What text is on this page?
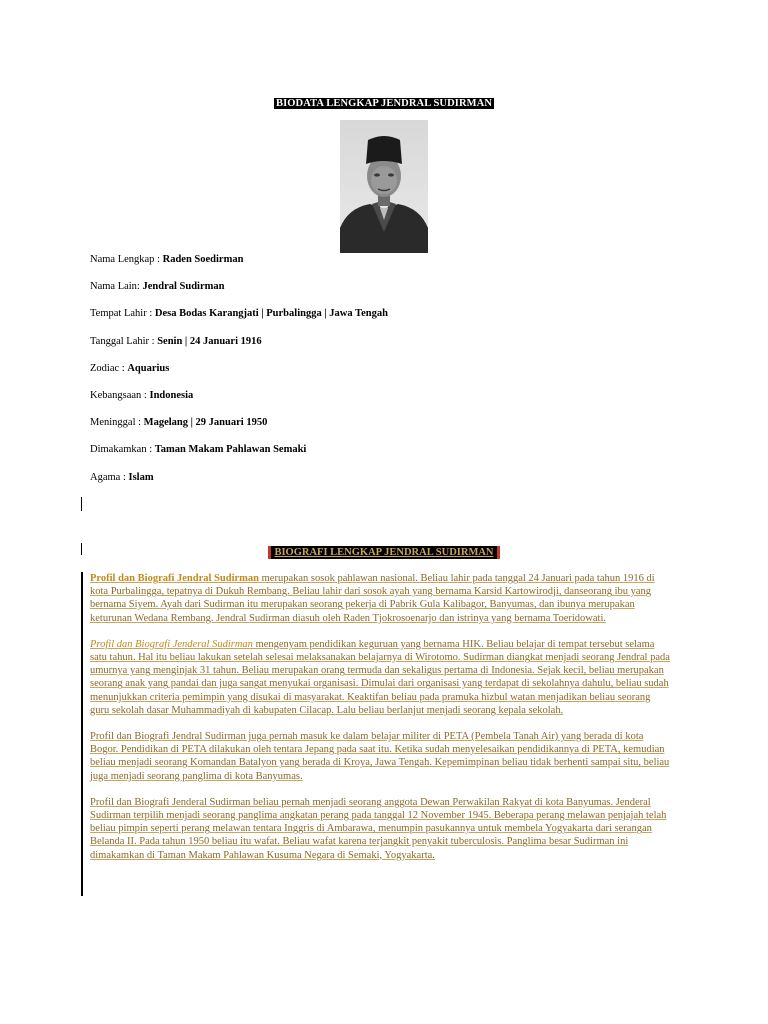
BIODATA LENGKAP JENDRAL SUDIRMAN
Nama Lengkap : Raden Soedirman
Nama Lain: Jendral Sudirman
Tempat Lahir : Desa Bodas Karangjati | Purbalingga | Jawa Tengah
Tanggal Lahir : Senin | 24 Januari 1916
Zodiac : Aquarius
Kebangsaan : Indonesia
Meninggal : Magelang | 29 Januari 1950
Dimakamkan : Taman Makam Pahlawan Semaki
Agama : Islam
BIOGRAFI LENGKAP JENDRAL SUDIRMAN

Profil dan Biografi Jendral Sudirman merupakan sosok pahlawan nasional. Beliau lahir pada tanggal 24 Januari pada tahun 1916 di kota Purbalingga, tepatnya di Dukuh Rembang. Beliau lahir dari sosok ayah yang bernama Karsid Kartowirodji, danseorang ibu yang bernama Siyem. Ayah dari Sudirman itu merupakan seorang pekerja di Pabrik Gula Kalibagor, Banyumas, dan ibunya merupakan keturunan Wedana Rembang. Jendral Sudirman diasuh oleh Raden Tjokrosoenarjo dan istrinya yang bernama Toeridowati.

Profil dan Biografi Jenderal Sudirman mengenyam pendidikan keguruan yang bernama HIK. Beliau belajar di tempat tersebut selama satu tahun. Hal itu beliau lakukan setelah selesai melaksanakan belajarnya di Wirotomo. Sudirman diangkat menjadi seorang Jendral pada umurnya yang menginjak 31 tahun. Beliau merupakan orang termuda dan sekaligus pertama di Indonesia. Sejak kecil, beliau merupakan seorang anak yang pandai dan juga sangat menyukai organisasi. Dimulai dari organisasi yang terdapat di sekolahnya dahulu, beliau sudah menunjukkan criteria pemimpin yang disukai di masyarakat. Keaktifan beliau pada pramuka hizbul watan menjadikan beliau seorang guru sekolah dasar Muhammadiyah di kabupaten Cilacap. Lalu beliau berlanjut menjadi seorang kepala sekolah.

Profil dan Biografi Jendral Sudirman juga pernah masuk ke dalam belajar militer di PETA (Pembela Tanah Air) yang berada di kota Bogor. Pendidikan di PETA dilakukan oleh tentara Jepang pada saat itu. Ketika sudah menyelesaikan pendidikannya di PETA, kemudian beliau menjadi seorang Komandan Batalyon yang berada di Kroya, Jawa Tengah. Kepemimpinan beliau tidak berhenti sampai situ, beliau juga menjadi seorang panglima di kota Banyumas.

Profil dan Biografi Jenderal Sudirman beliau pernah menjadi seorang anggota Dewan Perwakilan Rakyat di kota Banyumas. Jenderal Sudirman terpilih menjadi seorang panglima angkatan perang pada tanggal 12 November 1945. Beberapa perang melawan penjajah telah beliau pimpin seperti perang melawan tentara Inggris di Ambarawa, menumpin pasukannya untuk membela Yogyakarta dari serangan Belanda II. Pada tahun 1950 beliau itu wafat. Beliau wafat karena terjangkit penyakit tuberculosis. Panglima besar Sudirman ini dimakamkan di Taman Makam Pahlawan Kusuma Negara di Semaki, Yogyakarta.
